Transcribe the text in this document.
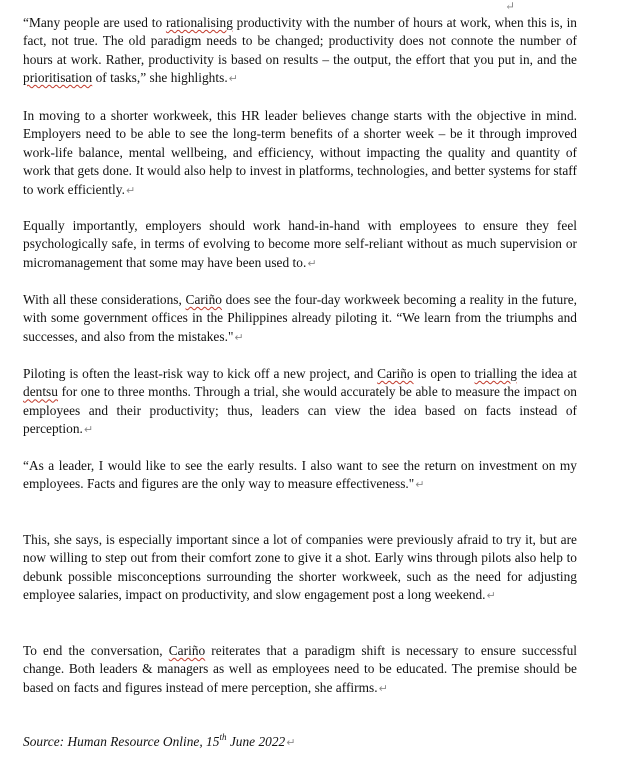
↵

“Many people are used to rationalising productivity with the number of hours at work, when this is, in fact, not true. The old paradigm needs to be changed; productivity does not connote the number of hours at work. Rather, productivity is based on results – the output, the effort that you put in, and the prioritisation of tasks,” she highlights.↵

In moving to a shorter workweek, this HR leader believes change starts with the objective in mind. Employers need to be able to see the long-term benefits of a shorter week – be it through improved work-life balance, mental wellbeing, and efficiency, without impacting the quality and quantity of work that gets done. It would also help to invest in platforms, technologies, and better systems for staff to work efficiently.↵

Equally importantly, employers should work hand-in-hand with employees to ensure they feel psychologically safe, in terms of evolving to become more self-reliant without as much supervision or micromanagement that some may have been used to.↵

With all these considerations, Cariño does see the four-day workweek becoming a reality in the future, with some government offices in the Philippines already piloting it. “We learn from the triumphs and successes, and also from the mistakes."↵

Piloting is often the least-risk way to kick off a new project, and Cariño is open to trialling the idea at dentsu for one to three months. Through a trial, she would accurately be able to measure the impact on employees and their productivity; thus, leaders can view the idea based on facts instead of perception.↵

“As a leader, I would like to see the early results. I also want to see the return on investment on my employees. Facts and figures are the only way to measure effectiveness."↵

This, she says, is especially important since a lot of companies were previously afraid to try it, but are now willing to step out from their comfort zone to give it a shot. Early wins through pilots also help to debunk possible misconceptions surrounding the shorter workweek, such as the need for adjusting employee salaries, impact on productivity, and slow engagement post a long weekend.↵

To end the conversation, Cariño reiterates that a paradigm shift is necessary to ensure successful change. Both leaders & managers as well as employees need to be educated. The premise should be based on facts and figures instead of mere perception, she affirms.↵

Source: Human Resource Online, 15th June 2022↵
